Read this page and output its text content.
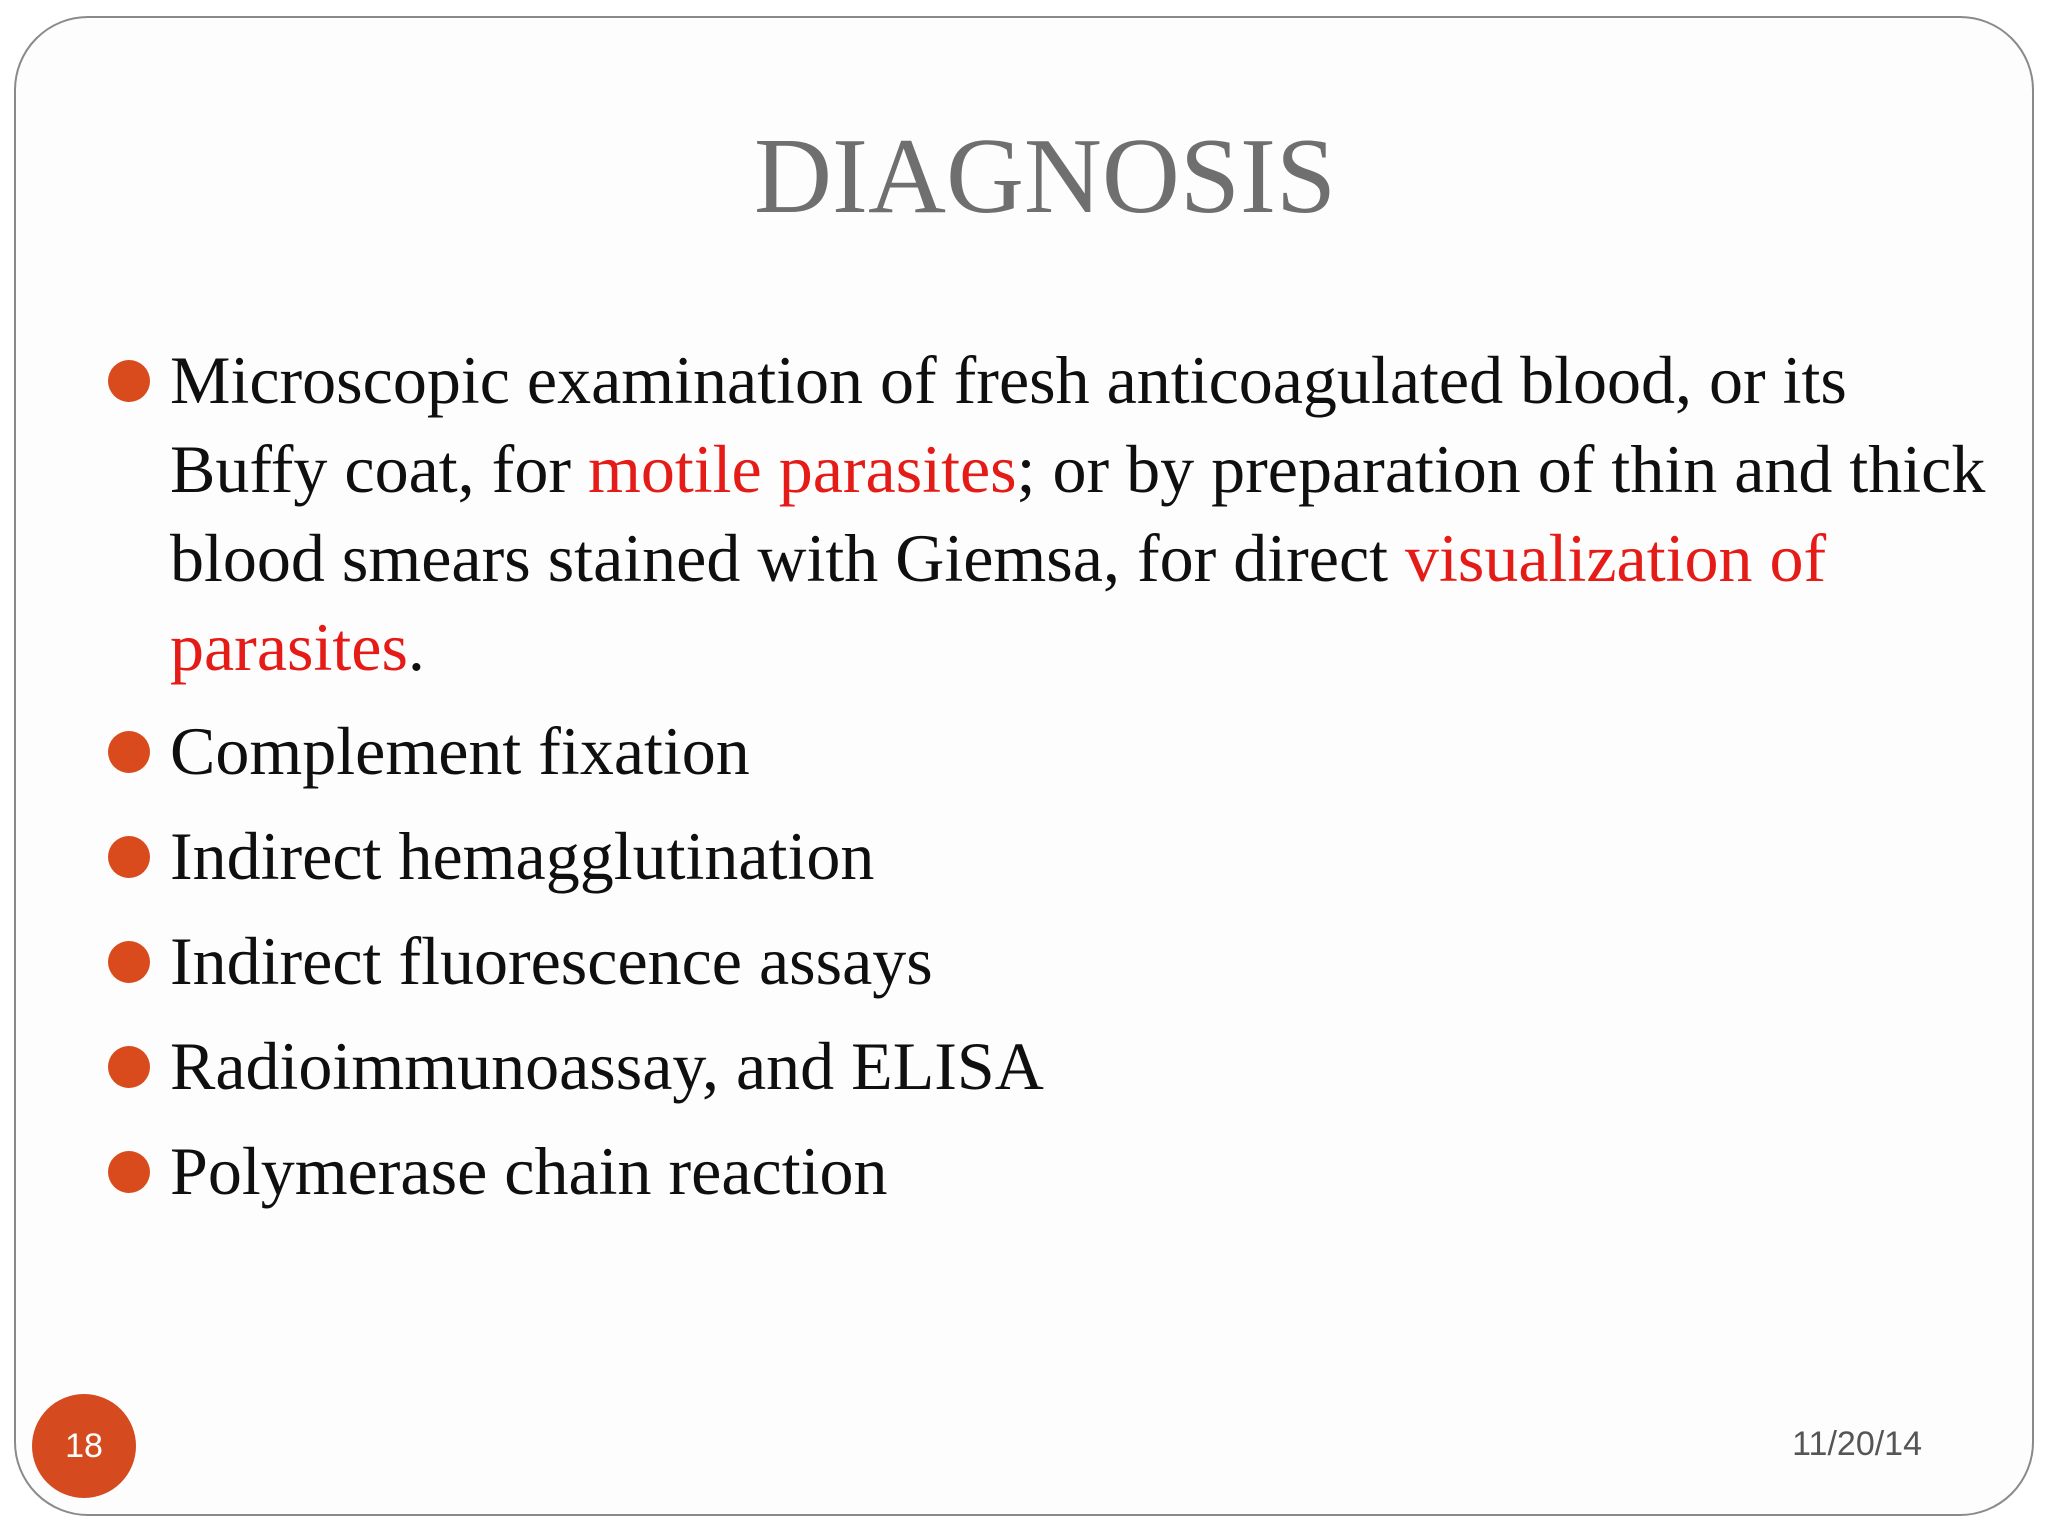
DIAGNOSIS
Microscopic examination of fresh anticoagulated blood, or its Buffy coat, for motile parasites; or by preparation of thin and thick blood smears stained with Giemsa, for direct visualization of parasites.
Complement fixation
Indirect hemagglutination
Indirect fluorescence assays
Radioimmunoassay, and ELISA
Polymerase chain reaction
18	11/20/14
